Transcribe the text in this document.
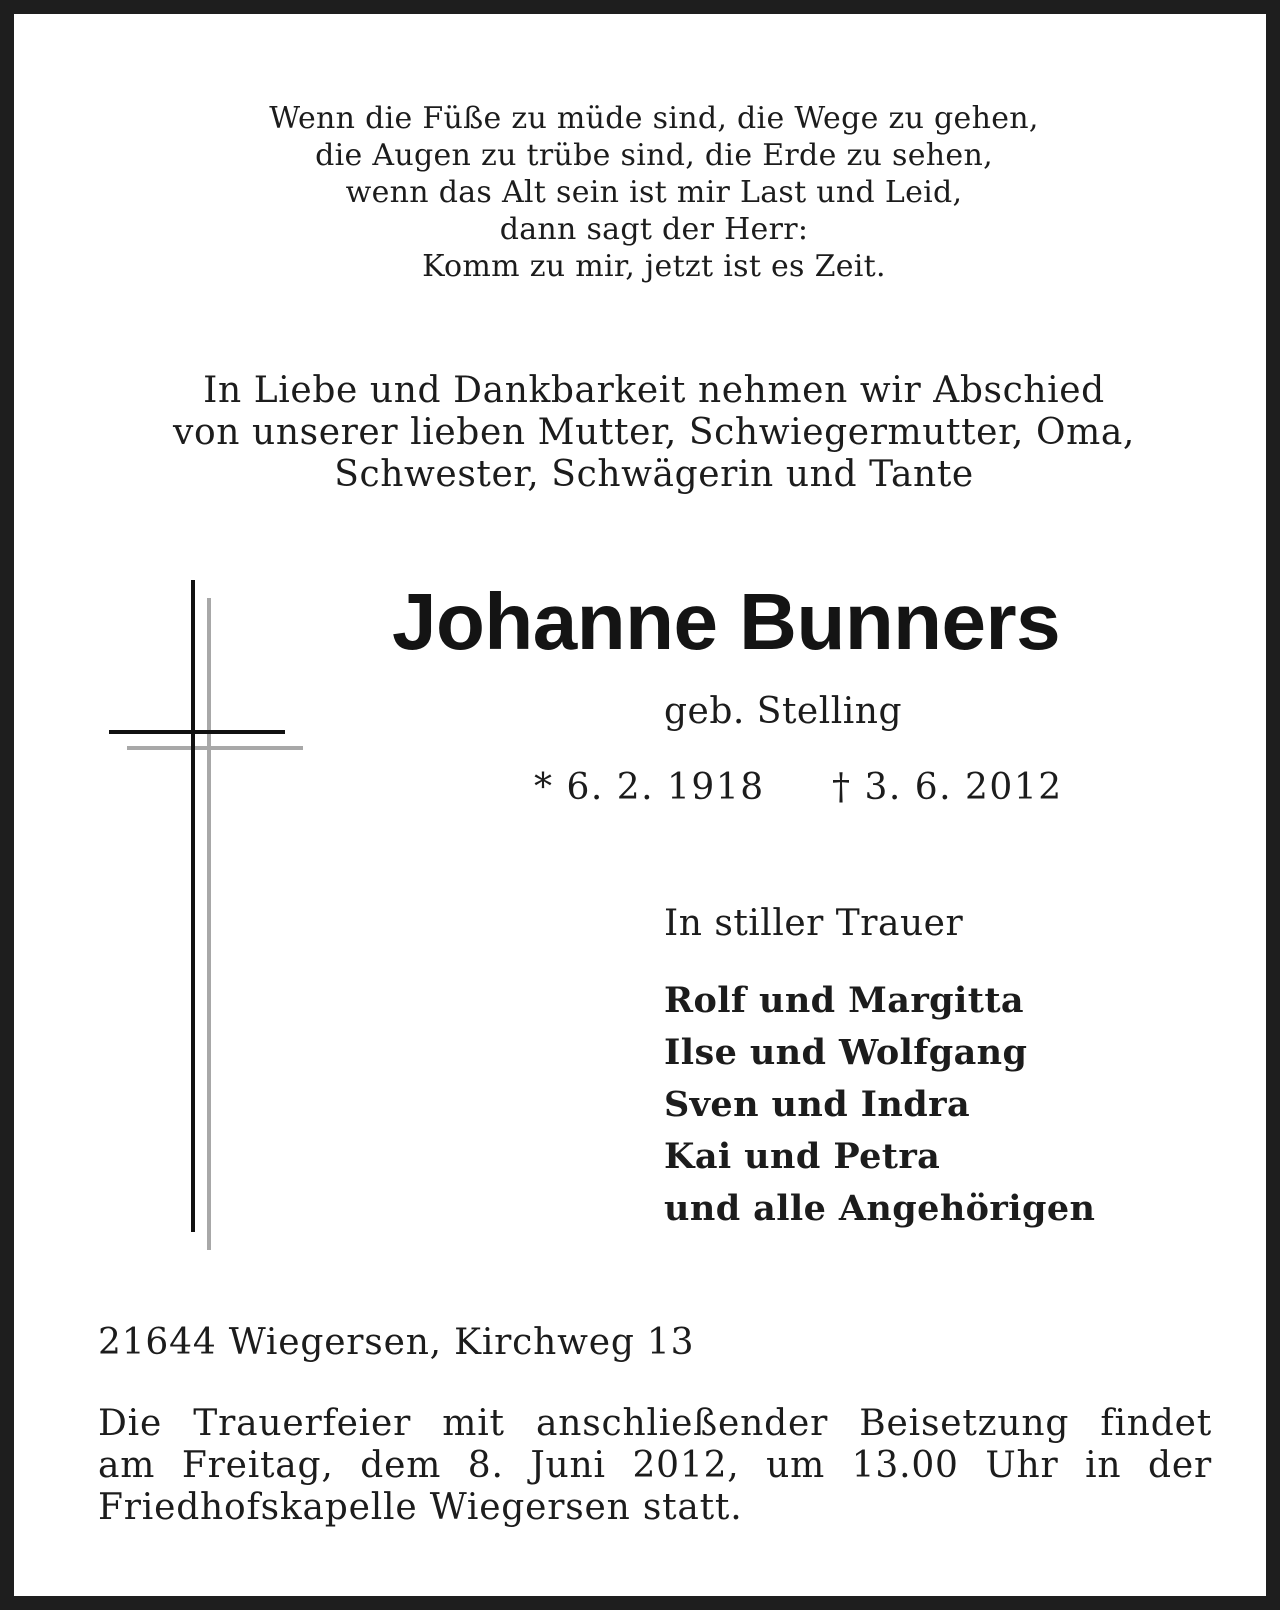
Wenn die Füße zu müde sind, die Wege zu gehen,
die Augen zu trübe sind, die Erde zu sehen,
wenn das Alt sein ist mir Last und Leid,
dann sagt der Herr:
Komm zu mir, jetzt ist es Zeit.
In Liebe und Dankbarkeit nehmen wir Abschied
von unserer lieben Mutter, Schwiegermutter, Oma,
Schwester, Schwägerin und Tante
Johanne Bunners
geb. Stelling
* 6. 2. 1918 † 3. 6. 2012
In stiller Trauer
Rolf und Margitta
Ilse und Wolfgang
Sven und Indra
Kai und Petra
und alle Angehörigen
21644 Wiegersen, Kirchweg 13
Die Trauerfeier mit anschließender Beisetzung findet
am Freitag, dem 8. Juni 2012, um 13.00 Uhr in der
Friedhofskapelle Wiegersen statt.
